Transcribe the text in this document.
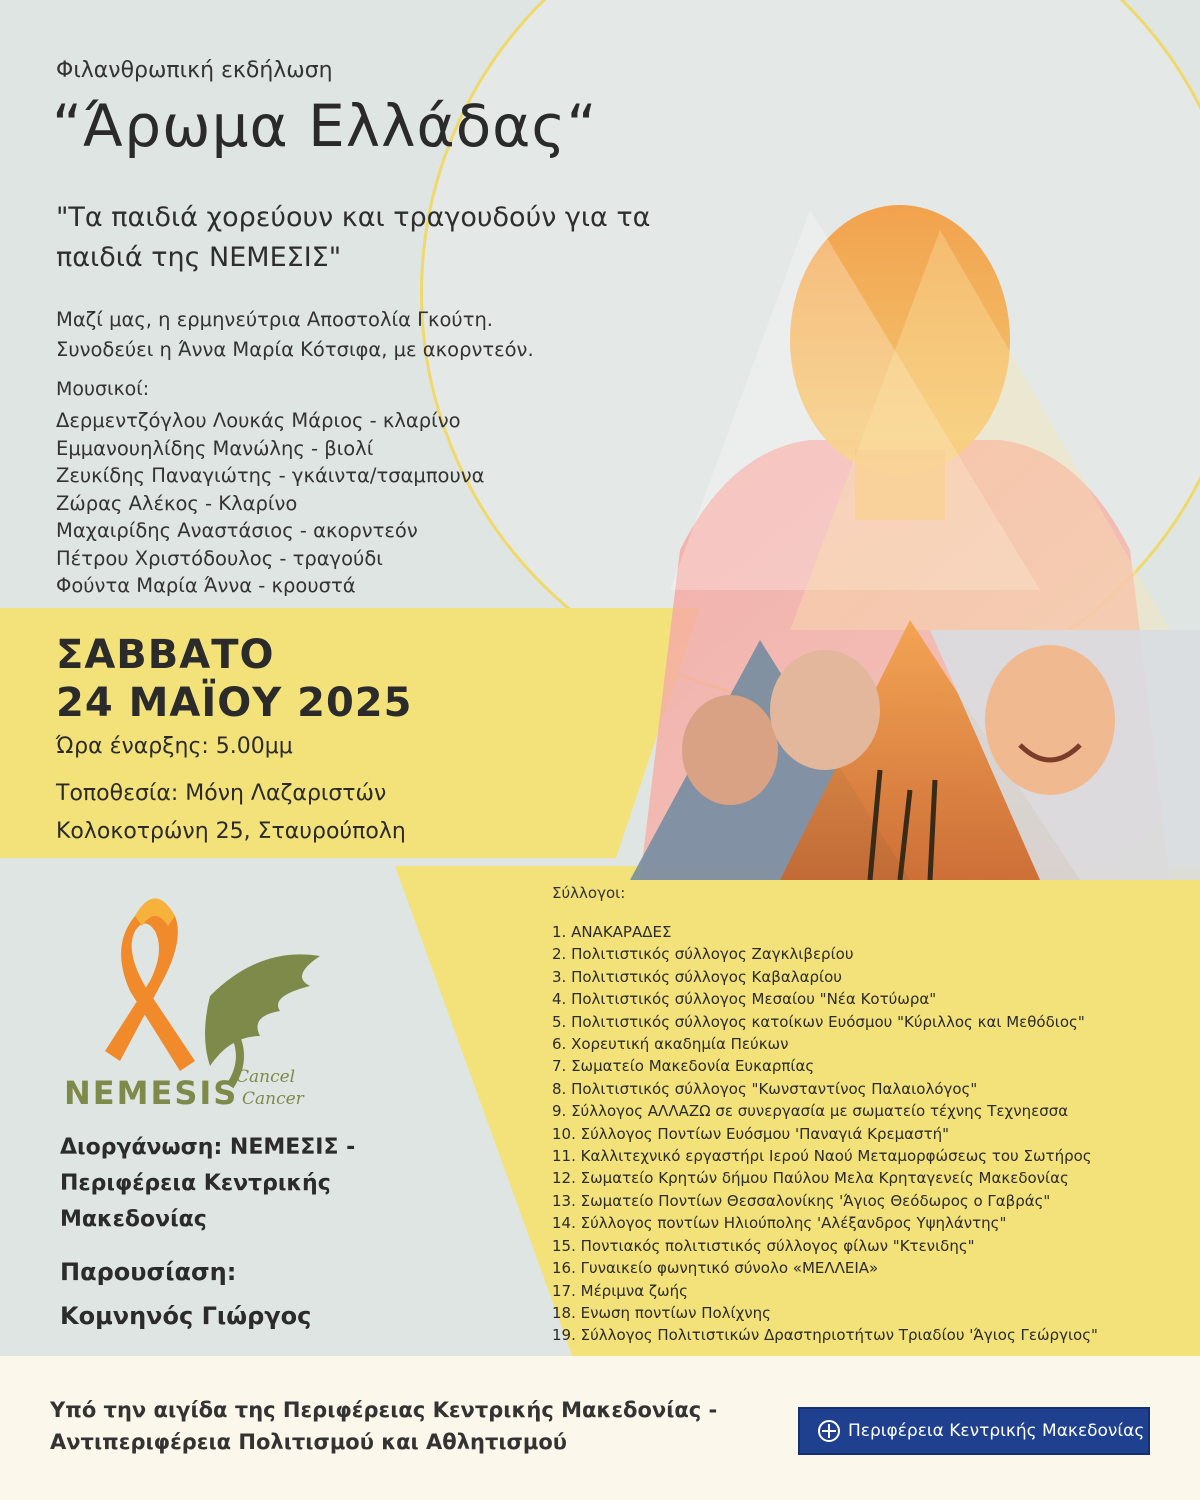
Φιλανθρωπική εκδήλωση

“Άρωμα Ελλάδας“

"Τα παιδιά χορεύουν και τραγουδούν για τα παιδιά της ΝΕΜΕΣΙΣ"

Μαζί μας, η ερμηνεύτρια Αποστολία Γκούτη.
Συνοδεύει η Άννα Μαρία Κότσιφα, με ακορντεόν.

Μουσικοί:

Δερμεντζόγλου Λουκάς Μάριος - κλαρίνο
Εμμανουηλίδης Μανώλης - βιολί
Ζευκίδης Παναγιώτης - γκάιντα/τσαμπουνα
Ζώρας Αλέκος - Κλαρίνο
Μαχαιρίδης Αναστάσιος - ακορντεόν
Πέτρου Χριστόδουλος - τραγούδι
Φούντα Μαρία Άννα - κρουστά

ΣΑΒΒΑΤΟ

24 ΜΑΪΟΥ 2025

Ώρα έναρξης: 5.00μμ

Τοποθεσία: Μόνη Λαζαριστών
Κολοκοτρώνη 25, Σταυρούπολη

NEMESIS

Cancel
Cancer
Διοργάνωση: ΝΕΜΕΣΙΣ -
Περιφέρεια Κεντρικής
Μακεδονίας

Παρουσίαση:

Κομνηνός Γιώργος

Σύλλογοι:

1. ΑΝΑΚΑΡΑΔΕΣ
2. Πολιτιστικός σύλλογος Ζαγκλιβερίου
3. Πολιτιστικός σύλλογος Καβαλαρίου
4. Πολιτιστικός σύλλογος Μεσαίου "Νέα Κοτύωρα"
5. Πολιτιστικός σύλλογος κατοίκων Ευόσμου "Κύριλλος και Μεθόδιος"
6. Χορευτική ακαδημία Πεύκων
7. Σωματείο Μακεδονία Ευκαρπίας
8. Πολιτιστικός σύλλογος "Κωνσταντίνος Παλαιολόγος"
9. Σύλλογος ΑΛΛΑΖΩ σε συνεργασία με σωματείο τέχνης Τεχνηεσσα
10. Σύλλογος Ποντίων Ευόσμου 'Παναγιά Κρεμαστή"
11. Καλλιτεχνικό εργαστήρι Ιερού Ναού Μεταμορφώσεως του Σωτήρος
12. Σωματείο Κρητών δήμου Παύλου Μελα Κρηταγενείς Μακεδονίας
13. Σωματείο Ποντίων Θεσσαλονίκης 'Άγιος Θεόδωρος ο Γαβράς"
14. Σύλλογος ποντίων Ηλιούπολης 'Αλέξανδρος Υψηλάντης"
15. Ποντιακός πολιτιστικός σύλλογος φίλων "Κτενιδης"
16. Γυναικείο φωνητικό σύνολο «ΜΕΛΛΕΙΑ»
17. Μέριμνα ζωής
18. Ενωση ποντίων Πολίχνης
19. Σύλλογος Πολιτιστικών Δραστηριοτήτων Τριαδίου 'Άγιος Γεώργιος"
Υπό την αιγίδα της Περιφέρειας Κεντρικής Μακεδονίας -
Αντιπεριφέρεια Πολιτισμού και Αθλητισμού	Περιφέρεια Κεντρικής Μακεδονίας
